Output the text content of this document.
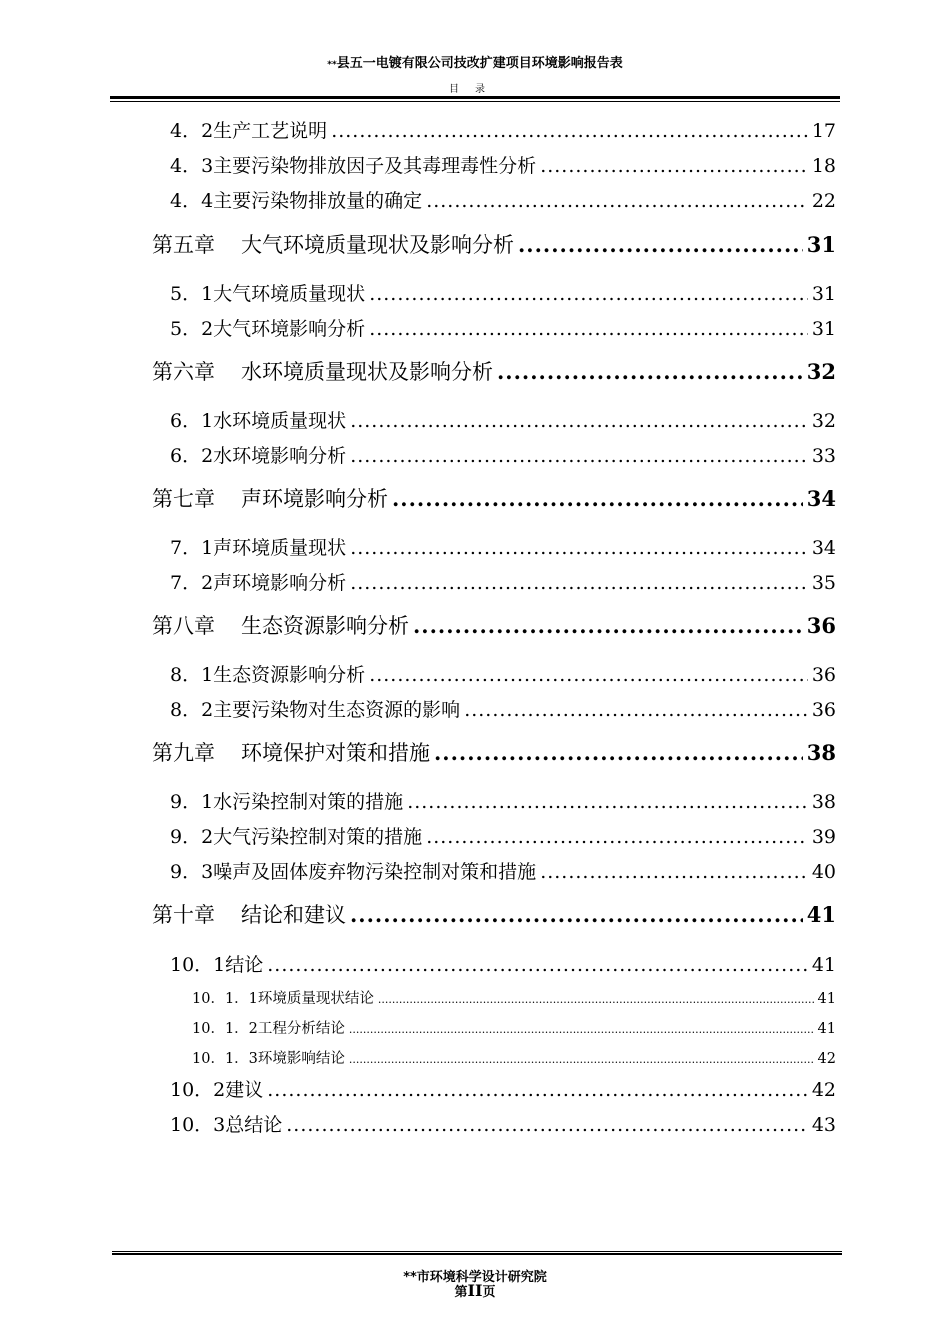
**县五一电镀有限公司技改扩建项目环境影响报告表
目录
4．2生产工艺说明 .....	17
4．3主要污染物排放因子及其毒理毒性分析 .....	18
4．4主要污染物排放量的确定 .....	22
第五章 大气环境质量现状及影响分析 .....	31
5．1大气环境质量现状 .....	31
5．2大气环境影响分析 .....	31
第六章 水环境质量现状及影响分析 .....	32
6．1水环境质量现状 .....	32
6．2水环境影响分析 .....	33
第七章 声环境影响分析 .....	34
7．1声环境质量现状 .....	34
7．2声环境影响分析 .....	35
第八章 生态资源影响分析 .....	36
8．1生态资源影响分析 .....	36
8．2主要污染物对生态资源的影响 .....	36
第九章 环境保护对策和措施 .....	38
9．1水污染控制对策的措施 .....	38
9．2大气污染控制对策的措施 .....	39
9．3噪声及固体废弃物污染控制对策和措施 .....	40
第十章 结论和建议 .....	41
10．1结论 .....	41
10．1．1环境质量现状结论 .....	41
10．1．2工程分析结论 .....	41
10．1．3环境影响结论 .....	42
10．2建议 .....	42
10．3总结论 .....	43
**市环境科学设计研究院
第II页
